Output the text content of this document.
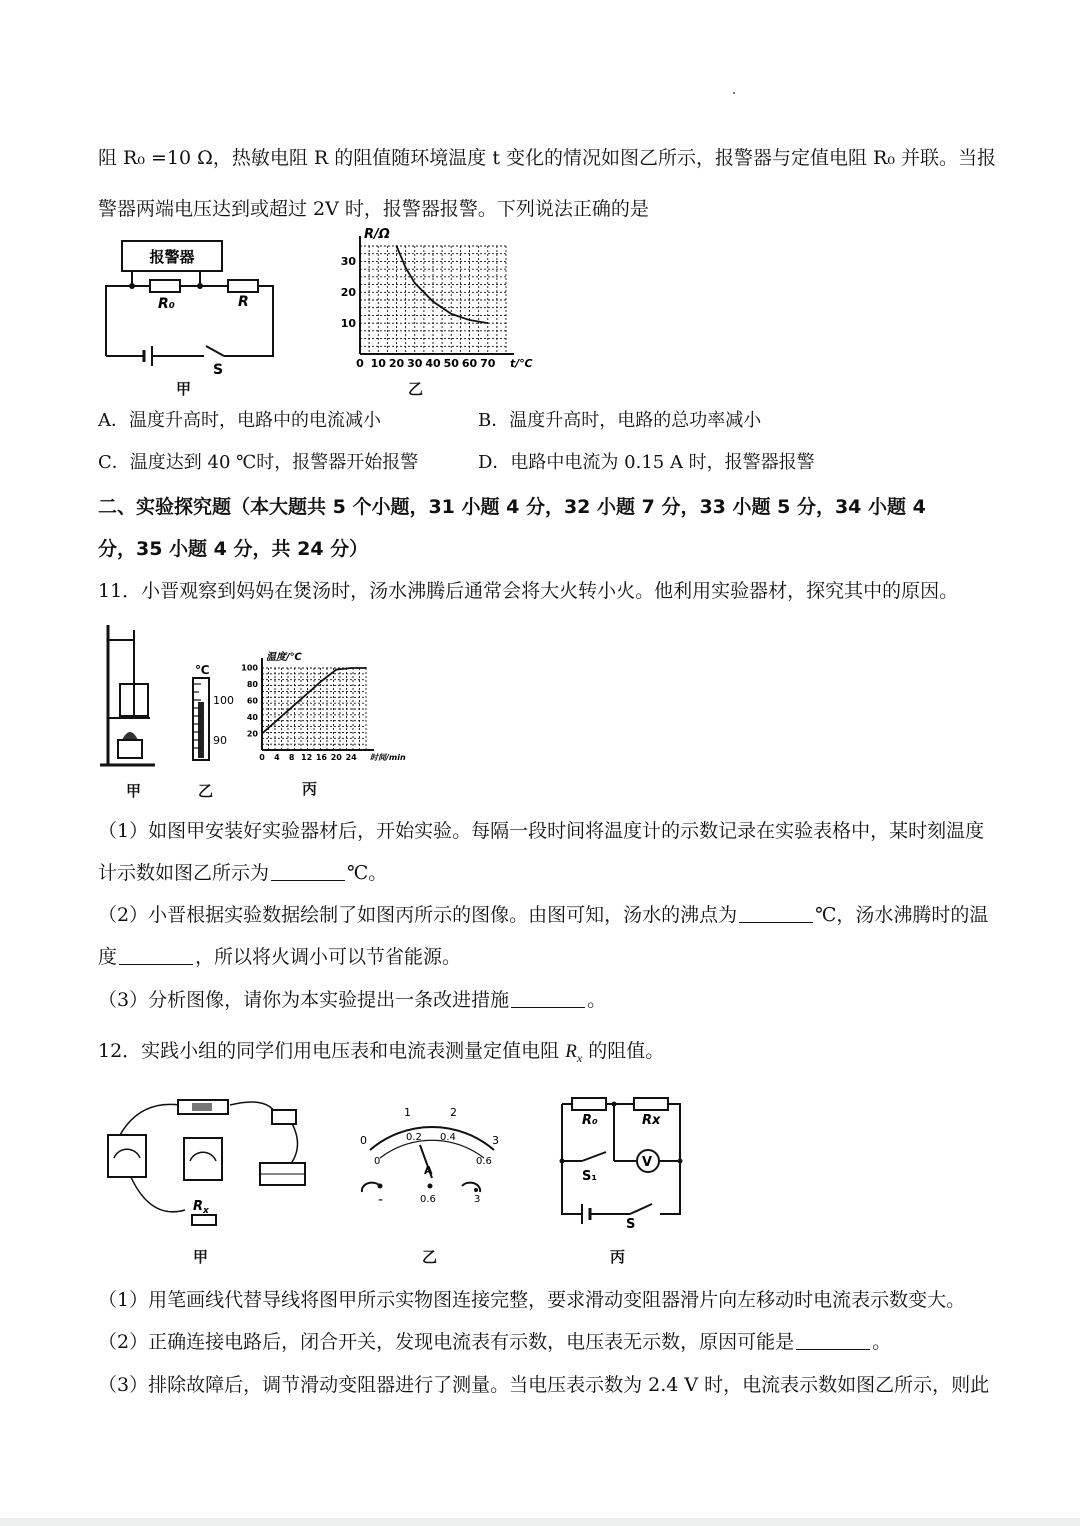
阻 R₀ =10 Ω，热敏电阻 R 的阻值随环境温度 t 变化的情况如图乙所示，报警器与定值电阻 R₀ 并联。当报
警器两端电压达到或超过 2V 时，报警器报警。下列说法正确的是
报警器
R₀	R
S
甲
0 10 20 30 40 50 60 70
10
20
30
R/Ω
t/℃
乙
A．温度升高时，电路中的电流减小	B．温度升高时，电路的总功率减小
C．温度达到 40 ℃时，报警器开始报警	D．电路中电流为 0.15 A 时，报警器报警
二、实验探究题（本大题共 5 个小题，31 小题 4 分，32 小题 7 分，33 小题 5 分，34 小题 4
分，35 小题 4 分，共 24 分）
11．小晋观察到妈妈在煲汤时，汤水沸腾后通常会将大火转小火。他利用实验器材，探究其中的原因。
甲
℃
100
90
乙
0 4 8 12 16 20 24
20
40
60
80
100
温度/℃
时间/min
丙
（1）如图甲安装好实验器材后，开始实验。每隔一段时间将温度计的示数记录在实验表格中，某时刻温度
计示数如图乙所示为	℃。
（2）小晋根据实验数据绘制了如图丙所示的图像。由图可知，汤水的沸点为	℃，汤水沸腾时的温
度	，所以将火调小可以节省能源。
（3）分析图像，请你为本实验提出一条改进措施	。
12．实践小组的同学们用电压表和电流表测量定值电阻 $R_x$ 的阻值。
R x
甲
0
1	2
3
0
0.2 0.4
0.6
A
-	0.6	3
乙
V
R₀	Rx
S₁
S
丙
（1）用笔画线代替导线将图甲所示实物图连接完整，要求滑动变阻器滑片向左移动时电流表示数变大。
（2）正确连接电路后，闭合开关，发现电流表有示数，电压表无示数，原因可能是	。
（3）排除故障后，调节滑动变阻器进行了测量。当电压表示数为 2.4 V 时，电流表示数如图乙所示，则此
